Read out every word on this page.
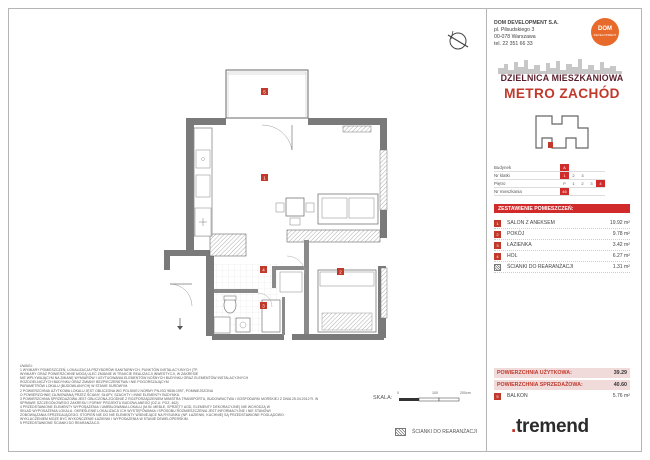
5
1
2
4
3
UWAGI:
1 WYMIARY POMIESZCZEŃ, LOKALIZACJA PRZYBORÓW SANITARNYCH, PUNKTÓW INSTALACYJNYCH (TP,
WYMIARY ORAZ POWIERZCHNIE MOGĄ ULEC ZMIANIE W TRAKCIE REALIZACJI INWESTYCJI, W ZAKRESIE
NIE WPŁYWAJĄCYM NA ZMIANĘ WYMIARÓW I USYTUOWANIA ELEMENTÓW NOŚNYCH BUDYNKU ORAZ ELEMENTÓW INSTALACYJNYCH
ROZDZIELNICZYCH BUDYNKU ORAZ ZMIANY BEZPIECZEŃSTWA I NIE POGORSZAJĄCYM
PARAMETRÓW LOKALU (BUDOWLANYCH) W STANIE SUROWYM.
2 POWIERZCHNIA UŻYTKOWA LOKALU JEST OBLICZONA WG POLSKIEJ NORMY PN-ISO 9836:1997, POMNIEJSZONA
O POWIERZCHNIĘ ZAJMOWANĄ PRZEZ ŚCIANY, SŁUPY, SZACHTY I INNE ELEMENTY BUDYNKU.
3 POWIERZCHNIA SPRZEDAŻOWA JEST OBLICZONA ZGODNIE Z ROZPORZĄDZENIEM MINISTRA TRANSPORTU, BUDOWNICTWA I GOSPODARKI MORSKIEJ Z DNIA 25.04.2012 R. W
SPRAWIE SZCZEGÓŁOWEGO ZAKRESU I FORMY PROJEKTU BUDOWLANEGO (DZ.U. POZ. 462).
4 PRZEDSTAWIONE ELEMENTY WYPOSAŻENIA I UMEBLOWANIA LOKALU (M.IN. MEBLE, SPRZĘTY AGD, ELEMENTY DEKORACYJNE) NIE WCHODZĄ W
SKŁAD WYPOSAŻENIA LOKALU. OKREŚLENIE LOKALIZACJI ICH WYSTĘPOWANIA I SPOSOBU ROZMIESZCZENIA JEST INFORMACYJNE I NIE STANOWI
ZOBOWIĄZANIA SPRZEDAJĄCEGO. STOPIEŃ NIE DO NIE ELEMENTY WIDNIEJĄCE NA RYSUNKU (NP. ŁAZIENKI, KUCHNIE) SĄ PRZEDSTAWIONE POGLĄDOWO.
WYKLUCZENIEM MOŻE BYĆ WYKOŃCZENIE ŁAZIENKI I WYPOSAŻENIA W STANIE DEWELOPERSKIM.
5 PRZEDSTAWIONE ŚCIANKI DO REARANŻACJI.
SKALA:
0	100	200cm
ŚCIANKI DO REARANŻACJI
DOM DEVELOPMENT S.A.
pl. Piłsudskiego 3
00-078 Warszawa
tel. 22 351 66 33
DOM
DEVELOPMENT
DZIELNICA MIESZKANIOWA
METRO ZACHÓD
Budynek	A
Nr klatki	1	2	3
Piętro	P	1	2	3	4
Nr mieszkania	46
ZESTAWIENIE POMIESZCZEŃ:
1	SALON Z ANEKSEM	19.92 m²
2	POKÓJ	9.78 m²
3	ŁAZIENKA	3.42 m²
4	HOL	6.27 m²
ŚCIANKI DO REARANŻACJI	1.31 m²
POWIERZCHNIA UŻYTKOWA:	39.29
POWIERZCHNIA SPRZEDAŻOWA:	40.60
5	BALKON	5.76 m²
.tremend
